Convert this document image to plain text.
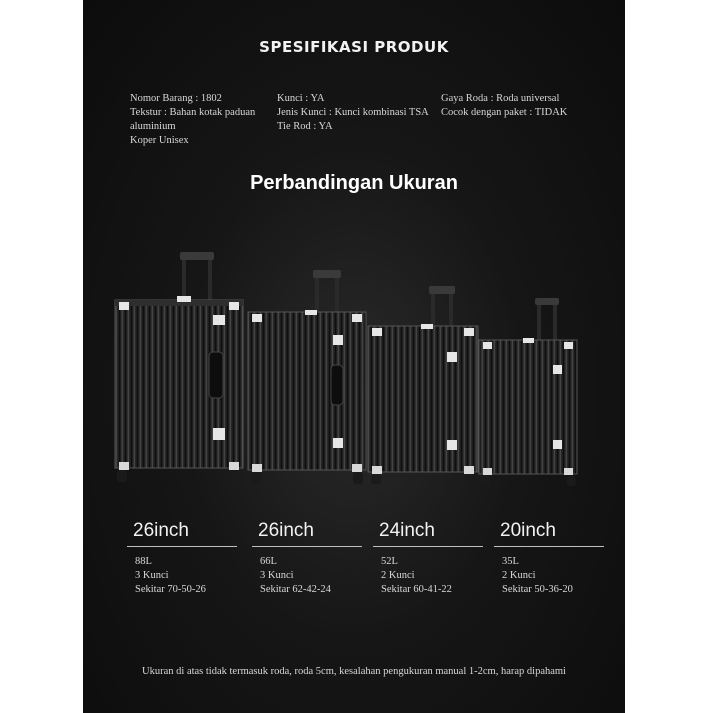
SPESIFIKASI PRODUK
Nomor Barang : 1802
Tekstur : Bahan kotak paduan aluminium
Koper Unisex
Kunci : YA
Jenis Kunci : Kunci kombinasi TSA
Tie Rod : YA
Gaya Roda : Roda universal
Cocok dengan paket : TIDAK
Perbandingan Ukuran
26inch
88L
3 Kunci
Sekitar 70-50-26
26inch
66L
3 Kunci
Sekitar 62-42-24
24inch
52L
2 Kunci
Sekitar 60-41-22
20inch
35L
2 Kunci
Sekitar 50-36-20
Ukuran di atas tidak termasuk roda, roda 5cm, kesalahan pengukuran manual 1-2cm, harap dipahami
